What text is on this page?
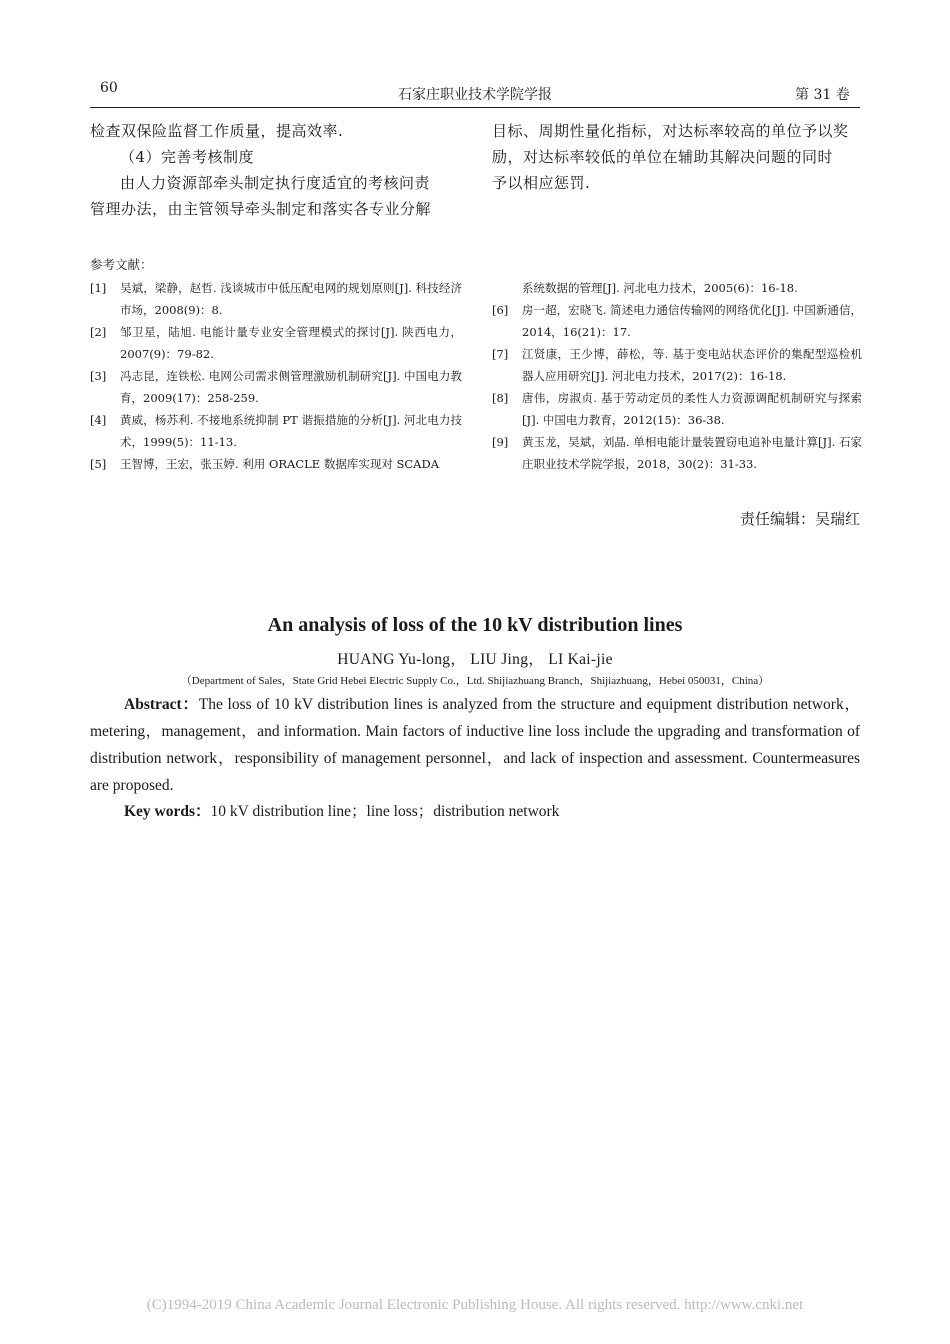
60	石家庄职业技术学院学报	第 31 卷
检查双保险监督工作质量，提高效率.
（4）完善考核制度
由人力资源部牵头制定执行度适宜的考核问责
管理办法，由主管领导牵头制定和落实各专业分解
目标、周期性量化指标，对达标率较高的单位予以奖
励，对达标率较低的单位在辅助其解决问题的同时
予以相应惩罚.
参考文献：
[1] 吴斌，梁静，赵哲. 浅谈城市中低压配电网的规划原则[J]. 科技经济市场，2008(9)：8.
[2] 邹卫星，陆旭. 电能计量专业安全管理模式的探讨[J]. 陕西电力，2007(9)：79-82.
[3] 冯志昆，连铁松. 电网公司需求侧管理激励机制研究[J]. 中国电力教育，2009(17)：258-259.
[4] 黄威，杨苏利. 不接地系统抑制 PT 谐振措施的分析[J]. 河北电力技术，1999(5)：11-13.
[5] 王智博，王宏，张玉婷. 利用 ORACLE 数据库实现对 SCADA
系统数据的管理[J]. 河北电力技术，2005(6)：16-18.
[6] 房一超，宏晓飞. 简述电力通信传输网的网络优化[J]. 中国新通信，2014，16(21)：17.
[7] 江贤康，王少博，薛松，等. 基于变电站状态评价的集配型巡检机器人应用研究[J]. 河北电力技术，2017(2)：16-18.
[8] 唐伟，房淑贞. 基于劳动定员的柔性人力资源调配机制研究与探索[J]. 中国电力教育，2012(15)：36-38.
[9] 黄玉龙，吴斌，刘晶. 单相电能计量装置窃电追补电量计算[J]. 石家庄职业技术学院学报，2018，30(2)：31-33.
责任编辑：吴瑞红
An analysis of loss of the 10 kV distribution lines
HUANG Yu-long， LIU Jing， LI Kai-jie
（Department of Sales，State Grid Hebei Electric Supply Co.，Ltd. Shijiazhuang Branch，Shijiazhuang，Hebei 050031，China）
Abstract：The loss of 10 kV distribution lines is analyzed from the structure and equipment distribution network，metering，management，and information. Main factors of inductive line loss include the upgrading and transformation of distribution network，responsibility of management personnel，and lack of inspection and assessment. Countermeasures are proposed.
Key words：10 kV distribution line；line loss；distribution network
(C)1994-2019 China Academic Journal Electronic Publishing House. All rights reserved. http://www.cnki.net
